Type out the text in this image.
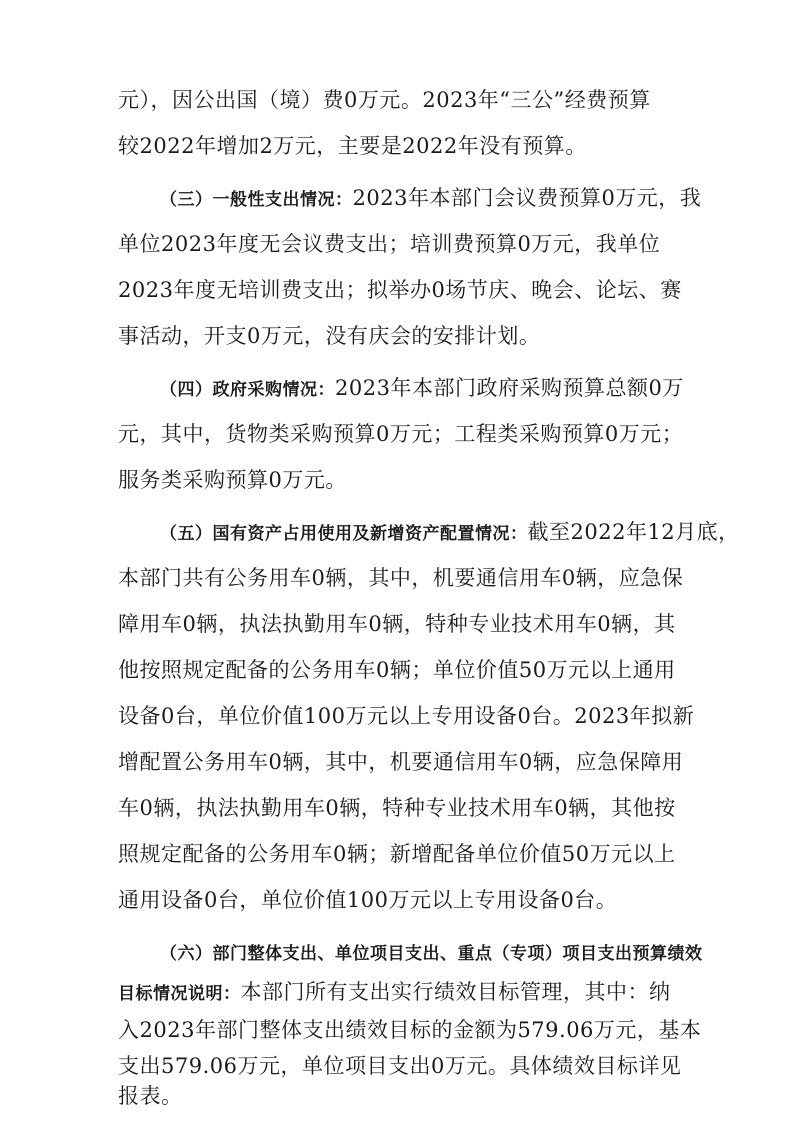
元），因公出国（境）费0万元。2023年“三公”经费预算
较2022年增加2万元，主要是2022年没有预算。
（三）一般性支出情况：2023年本部门会议费预算0万元，我
单位2023年度无会议费支出；培训费预算0万元，我单位
2023年度无培训费支出；拟举办0场节庆、晚会、论坛、赛
事活动，开支0万元，没有庆会的安排计划。
（四）政府采购情况：2023年本部门政府采购预算总额0万
元，其中，货物类采购预算0万元；工程类采购预算0万元；
服务类采购预算0万元。
（五）国有资产占用使用及新增资产配置情况：截至2022年12月底，
本部门共有公务用车0辆，其中，机要通信用车0辆，应急保
障用车0辆，执法执勤用车0辆，特种专业技术用车0辆，其
他按照规定配备的公务用车0辆；单位价值50万元以上通用
设备0台，单位价值100万元以上专用设备0台。2023年拟新
增配置公务用车0辆，其中，机要通信用车0辆，应急保障用
车0辆，执法执勤用车0辆，特种专业技术用车0辆，其他按
照规定配备的公务用车0辆；新增配备单位价值50万元以上
通用设备0台，单位价值100万元以上专用设备0台。
（六）部门整体支出、单位项目支出、重点（专项）项目支出预算绩效
目标情况说明：本部门所有支出实行绩效目标管理，其中：纳
入2023年部门整体支出绩效目标的金额为579.06万元，基本
支出579.06万元，单位项目支出0万元。具体绩效目标详见
报表。
